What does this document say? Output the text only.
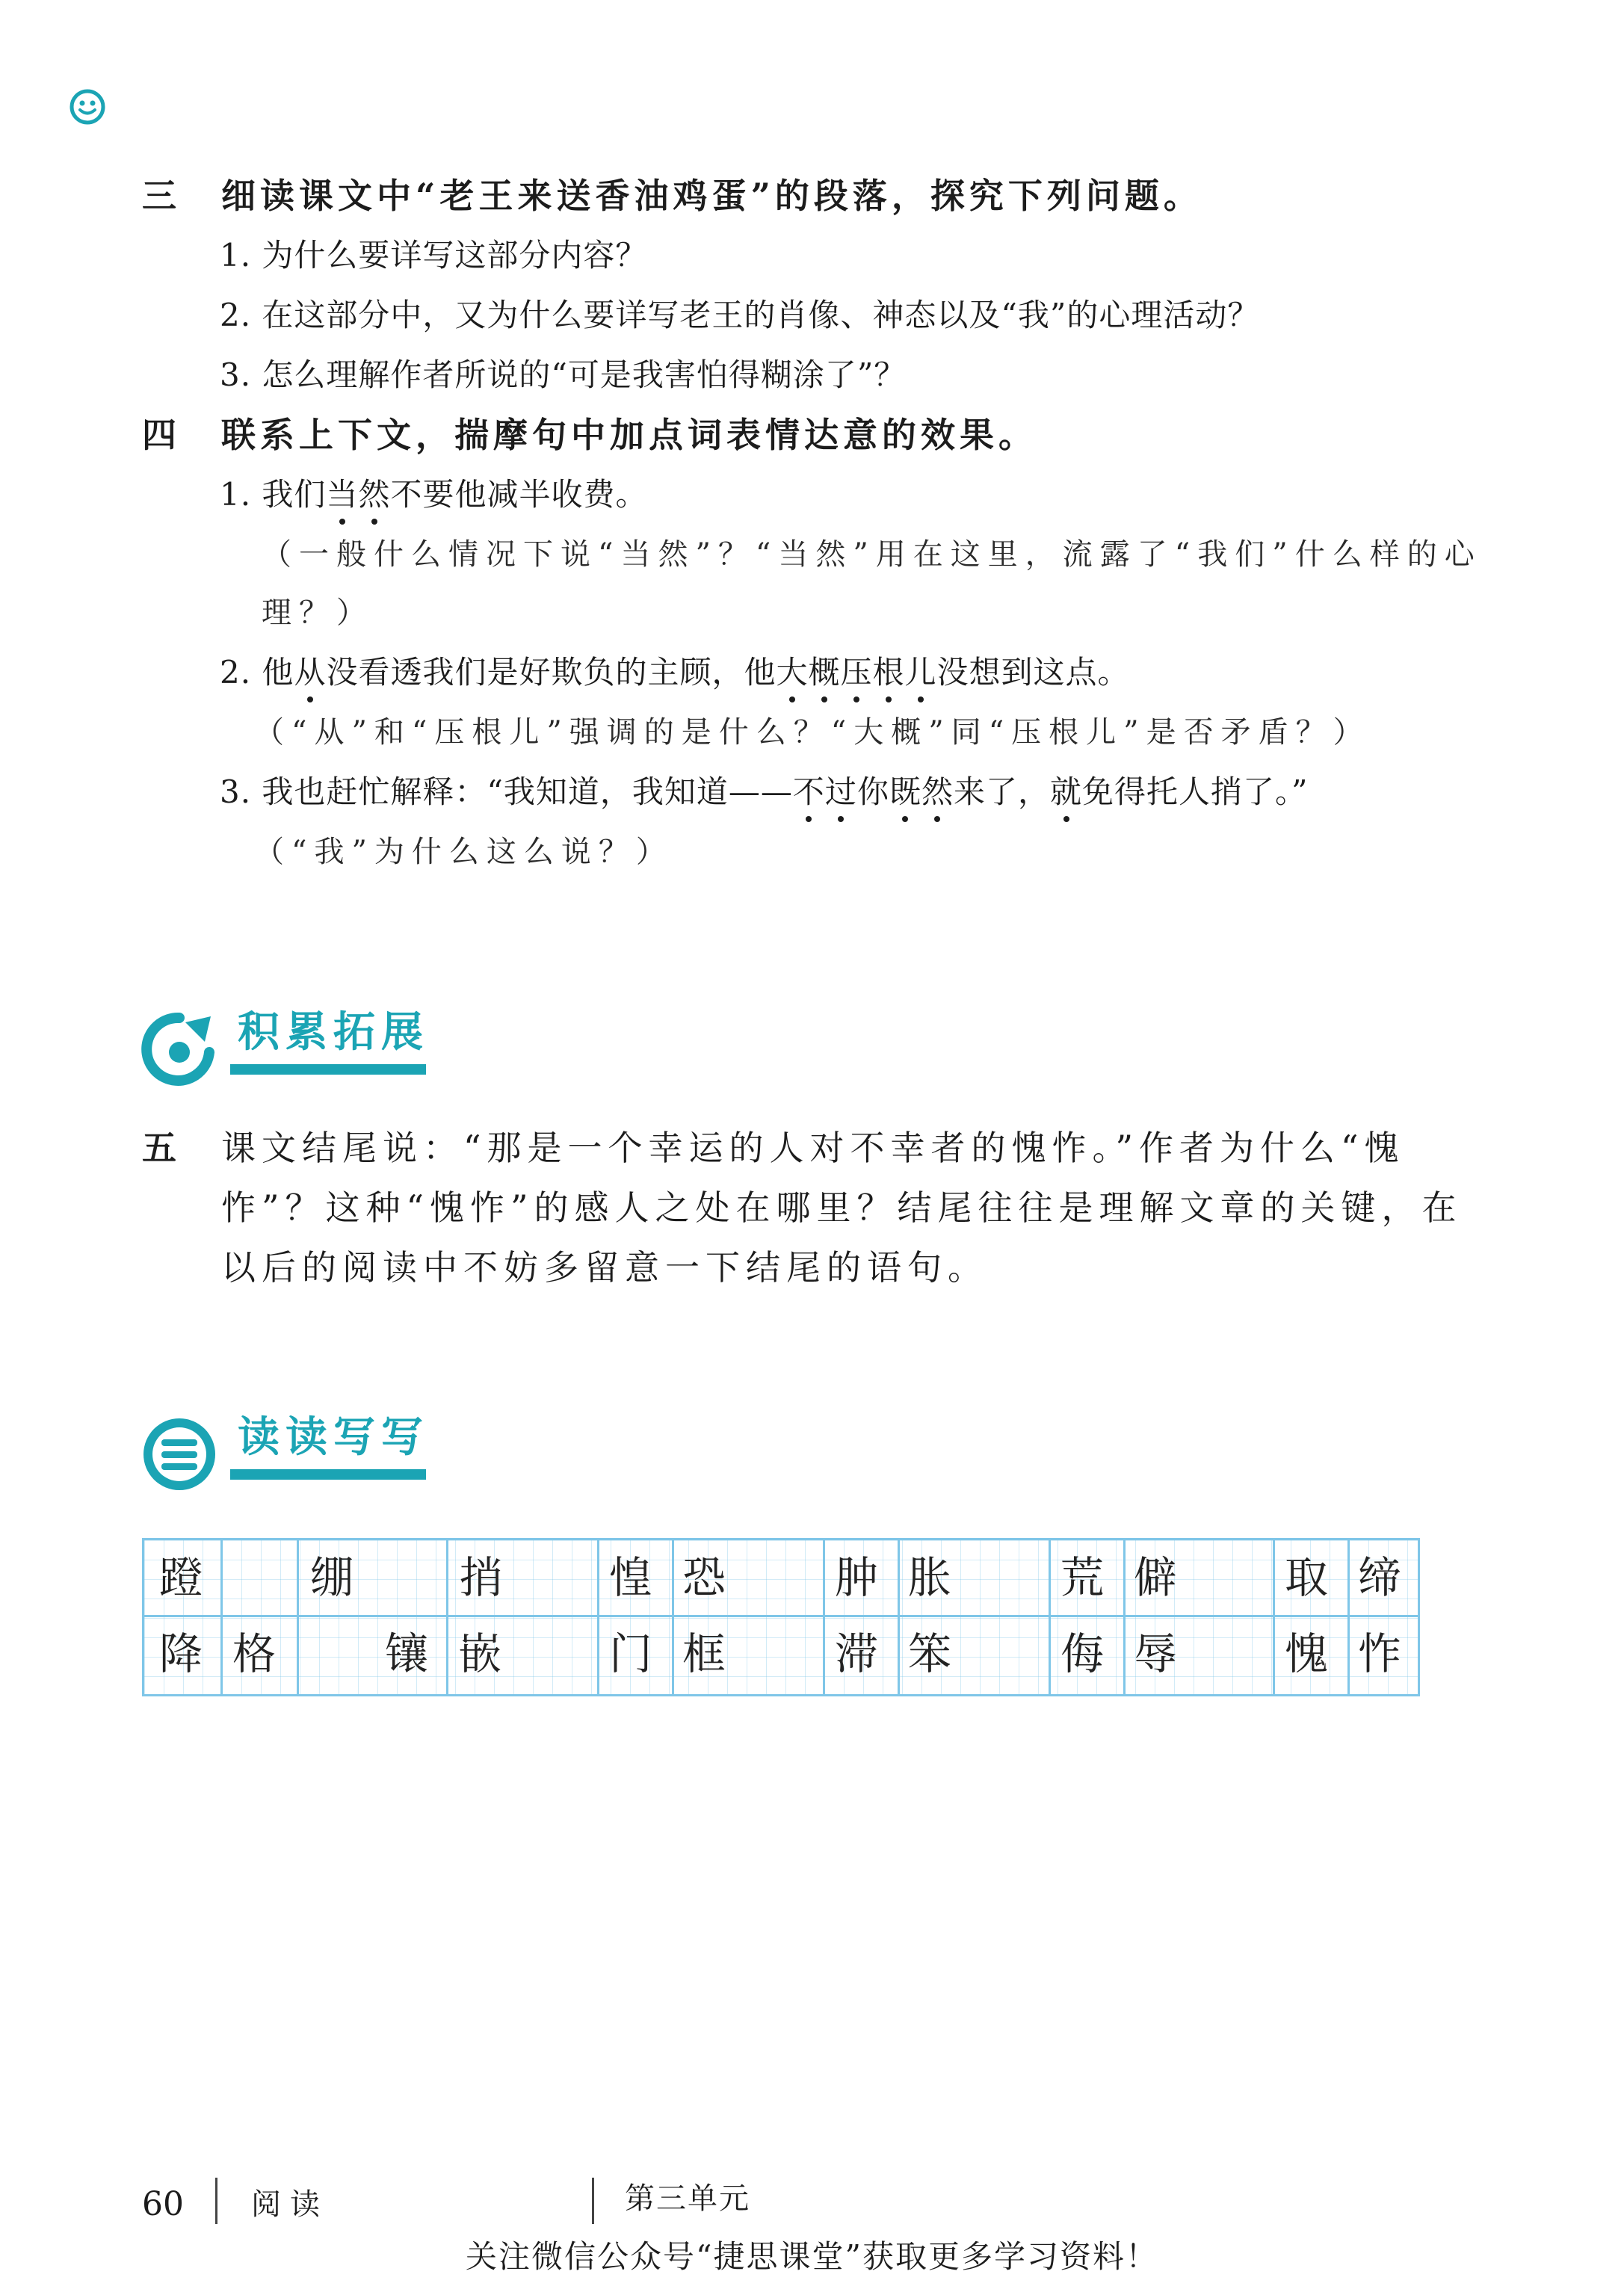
三 细读课文中“老王来送香油鸡蛋”的段落，探究下列问题。
1. 为什么要详写这部分内容？
2. 在这部分中，又为什么要详写老王的肖像、神态以及“我”的心理活动？
3. 怎么理解作者所说的“可是我害怕得糊涂了”？
四 联系上下文，揣摩句中加点词表情达意的效果。
1. 我们当然不要他减半收费。
（一般什么情况下说“当然”？“当然”用在这里，流露了“我们”什么样的心
理？）
2. 他从没看透我们是好欺负的主顾，他大概压根儿没想到这点。
（“从”和“压根儿”强调的是什么？“大概”同“压根儿”是否矛盾？）
3. 我也赶忙解释：“我知道，我知道——不过你既然来了，就免得托人捎了。”
（“我”为什么这么说？）
积累拓展
五 课文结尾说：“那是一个幸运的人对不幸者的愧怍。”作者为什么“愧
怍”？这种“愧怍”的感人之处在哪里？结尾往往是理解文章的关键，在
以后的阅读中不妨多留意一下结尾的语句。
读读写写
蹬 绷 捎 惶恐 肿胀 荒僻 取缔
降格 镶嵌 门框 滞笨 侮辱 愧怍
60 阅读	第三单元
关注微信公众号“捷思课堂”获取更多学习资料！
